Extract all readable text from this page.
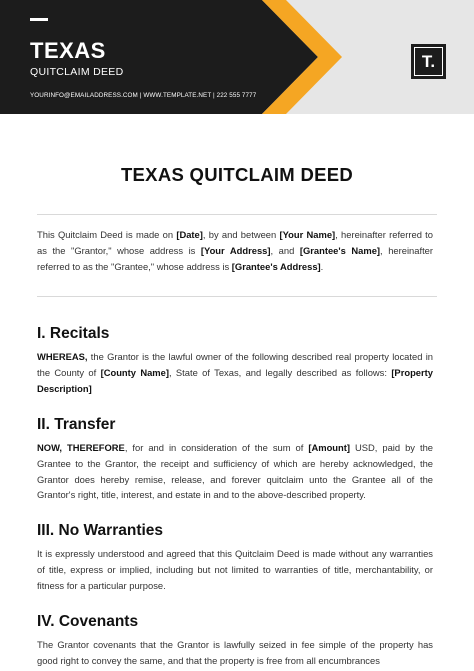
TEXAS
QUITCLAIM DEED
YOURINFO@EMAILADDRESS.COM | WWW.TEMPLATE.NET | 222 555 7777
T.
TEXAS QUITCLAIM DEED

This Quitclaim Deed is made on [Date], by and between [Your Name], hereinafter referred to as the "Grantor," whose address is [Your Address], and [Grantee's Name], hereinafter referred to as the "Grantee," whose address is [Grantee's Address].

I. Recitals

WHEREAS, the Grantor is the lawful owner of the following described real property located in the County of [County Name], State of Texas, and legally described as follows: [Property Description]

II. Transfer

NOW, THEREFORE, for and in consideration of the sum of [Amount] USD, paid by the Grantee to the Grantor, the receipt and sufficiency of which are hereby acknowledged, the Grantor does hereby remise, release, and forever quitclaim unto the Grantee all of the Grantor's right, title, interest, and estate in and to the above-described property.

III. No Warranties

It is expressly understood and agreed that this Quitclaim Deed is made without any warranties of title, express or implied, including but not limited to warranties of title, merchantability, or fitness for a particular purpose.

IV. Covenants

The Grantor covenants that the Grantor is lawfully seized in fee simple of the property has good right to convey the same, and that the property is free from all encumbrances
